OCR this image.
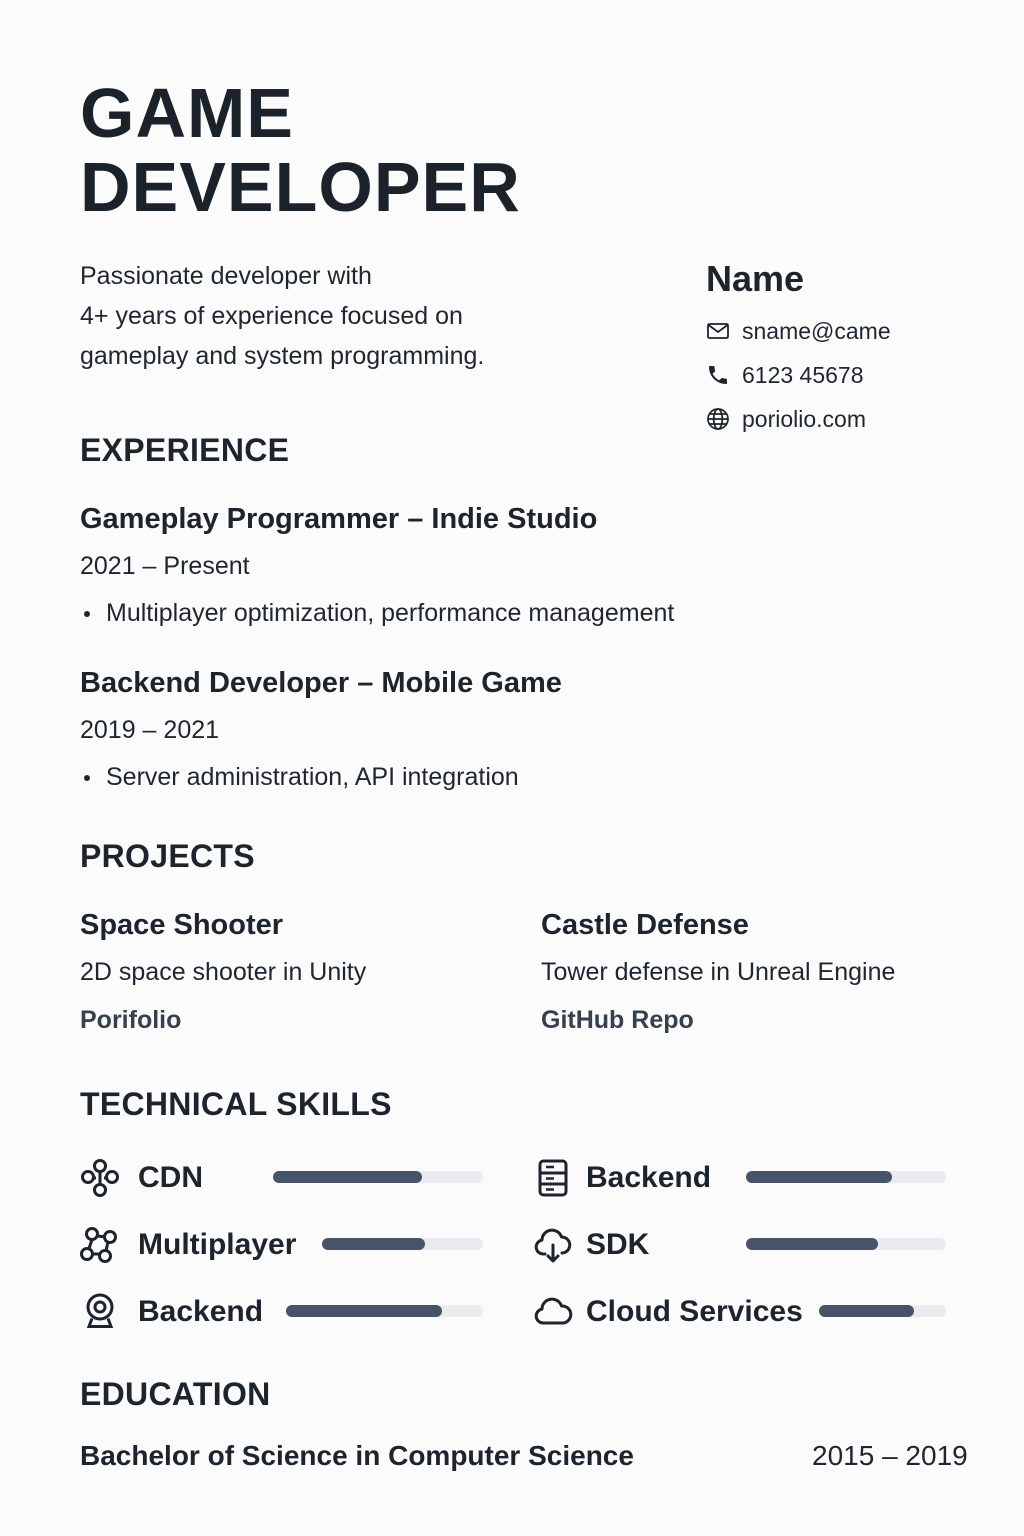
GAME
DEVELOPER
Passionate developer with
4+ years of experience focused on
gameplay and system programming.
Name
sname@came
6123 45678
poriolio.com
EXPERIENCE
Gameplay Programmer – Indie Studio
2021 – Present
Multiplayer optimization, performance management
Backend Developer – Mobile Game
2019 – 2021
Server administration, API integration
PROJECTS
Space Shooter
2D space shooter in Unity
Porifolio
Castle Defense
Tower defense in Unreal Engine
GitHub Repo
TECHNICAL SKILLS
CDN
Multiplayer
Backend
Backend
SDK
Cloud Services
EDUCATION
Bachelor of Science in Computer Science	2015 – 2019
